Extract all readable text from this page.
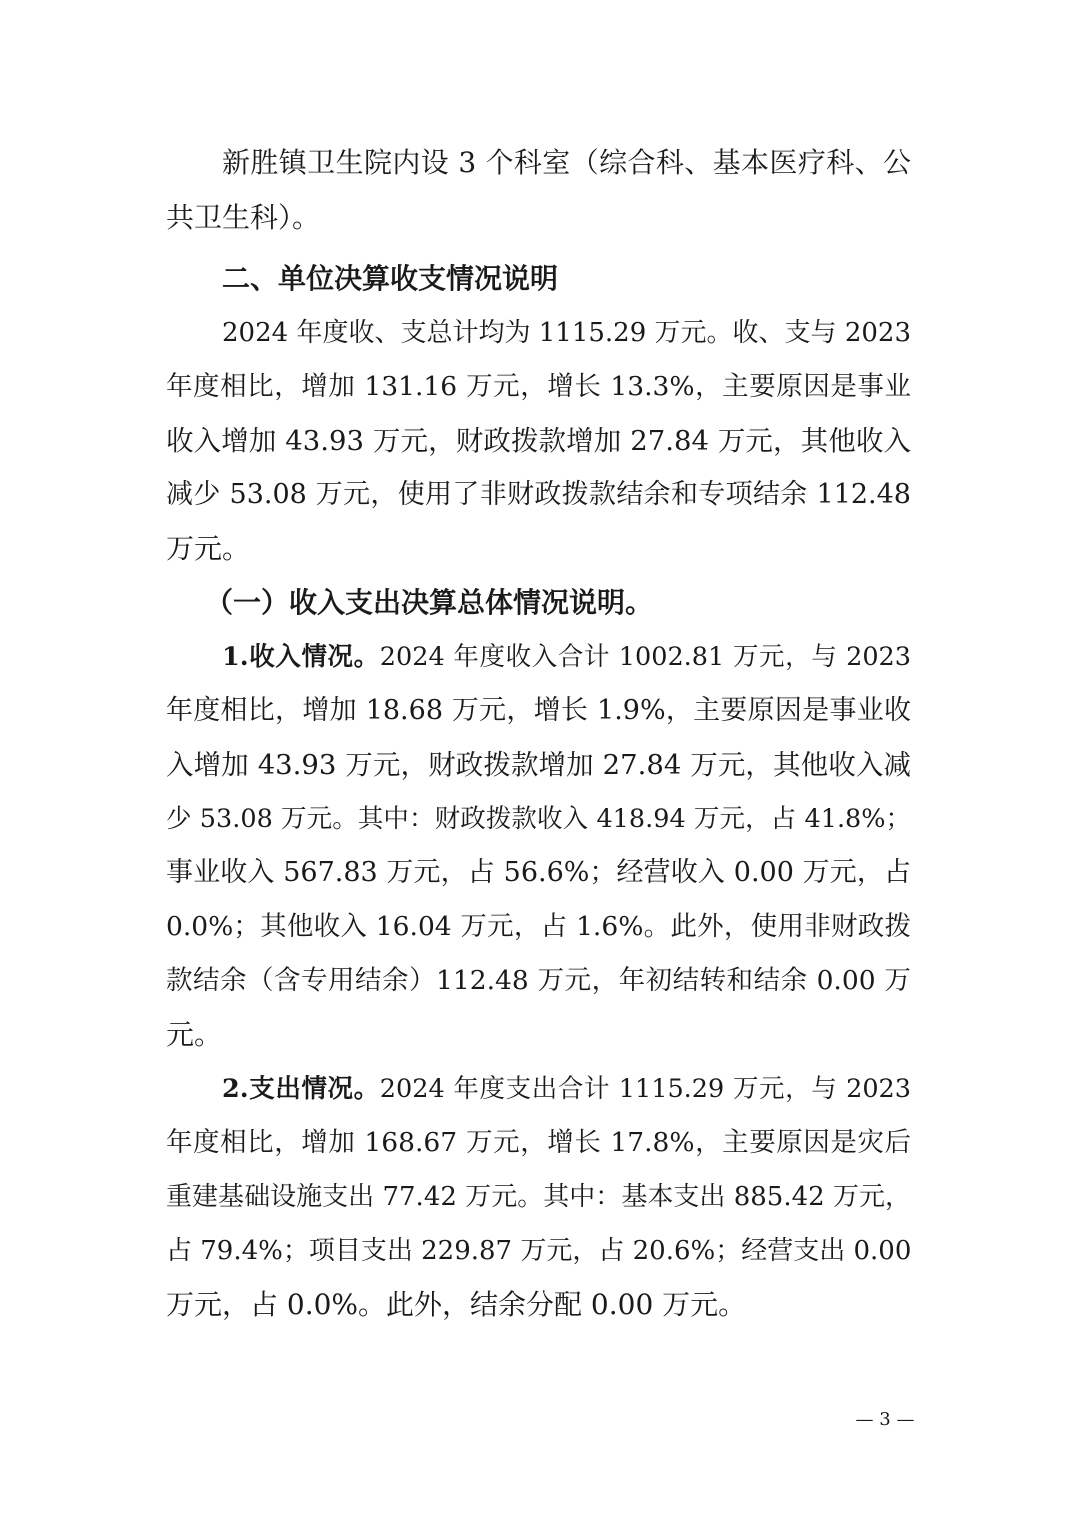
新胜镇卫生院内设 3 个科室（综合科、基本医疗科、公
共卫生科）。
二、单位决算收支情况说明
2024 年度收、支总计均为 1115.29 万元。收、支与 2023
年度相比，增加 131.16 万元，增长 13.3%，主要原因是事业
收入增加 43.93 万元，财政拨款增加 27.84 万元，其他收入
减少 53.08 万元，使用了非财政拨款结余和专项结余 112.48
万元。
（一）收入支出决算总体情况说明。
1.收入情况。2024 年度收入合计 1002.81 万元，与 2023
年度相比，增加 18.68 万元，增长 1.9%，主要原因是事业收
入增加 43.93 万元，财政拨款增加 27.84 万元，其他收入减
少 53.08 万元。其中：财政拨款收入 418.94 万元，占 41.8%；
事业收入 567.83 万元，占 56.6%；经营收入 0.00 万元，占
0.0%；其他收入 16.04 万元，占 1.6%。此外，使用非财政拨
款结余（含专用结余）112.48 万元，年初结转和结余 0.00 万
元。
2.支出情况。2024 年度支出合计 1115.29 万元，与 2023
年度相比，增加 168.67 万元，增长 17.8%，主要原因是灾后
重建基础设施支出 77.42 万元。其中：基本支出 885.42 万元，
占 79.4%；项目支出 229.87 万元，占 20.6%；经营支出 0.00
万元，占 0.0%。此外，结余分配 0.00 万元。
— 3 —
